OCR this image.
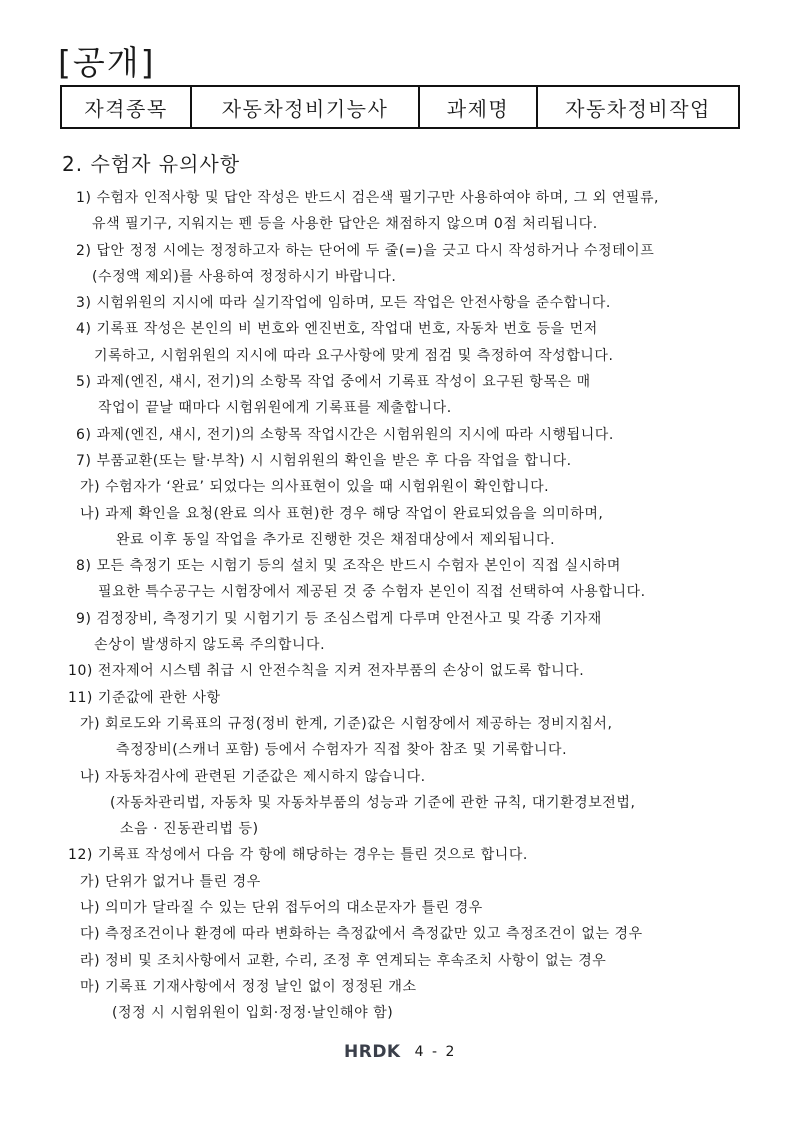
[공개]
자격종목	자동차정비기능사	과제명	자동차정비작업
2. 수험자 유의사항
1) 수험자 인적사항 및 답안 작성은 반드시 검은색 필기구만 사용하여야 하며, 그 외 연필류,
유색 필기구, 지워지는 펜 등을 사용한 답안은 채점하지 않으며 0점 처리됩니다.
2) 답안 정정 시에는 정정하고자 하는 단어에 두 줄(=)을 긋고 다시 작성하거나 수정테이프
(수정액 제외)를 사용하여 정정하시기 바랍니다.
3) 시험위원의 지시에 따라 실기작업에 임하며, 모든 작업은 안전사항을 준수합니다.
4) 기록표 작성은 본인의 비 번호와 엔진번호, 작업대 번호, 자동차 번호 등을 먼저
기록하고, 시험위원의 지시에 따라 요구사항에 맞게 점검 및 측정하여 작성합니다.
5) 과제(엔진, 섀시, 전기)의 소항목 작업 중에서 기록표 작성이 요구된 항목은 매
작업이 끝날 때마다 시험위원에게 기록표를 제출합니다.
6) 과제(엔진, 섀시, 전기)의 소항목 작업시간은 시험위원의 지시에 따라 시행됩니다.
7) 부품교환(또는 탈·부착) 시 시험위원의 확인을 받은 후 다음 작업을 합니다.
가) 수험자가 ‘완료’ 되었다는 의사표현이 있을 때 시험위원이 확인합니다.
나) 과제 확인을 요청(완료 의사 표현)한 경우 해당 작업이 완료되었음을 의미하며,
완료 이후 동일 작업을 추가로 진행한 것은 채점대상에서 제외됩니다.
8) 모든 측정기 또는 시험기 등의 설치 및 조작은 반드시 수험자 본인이 직접 실시하며
필요한 특수공구는 시험장에서 제공된 것 중 수험자 본인이 직접 선택하여 사용합니다.
9) 검정장비, 측정기기 및 시험기기 등 조심스럽게 다루며 안전사고 및 각종 기자재
손상이 발생하지 않도록 주의합니다.
10) 전자제어 시스템 취급 시 안전수칙을 지켜 전자부품의 손상이 없도록 합니다.
11) 기준값에 관한 사항
가) 회로도와 기록표의 규정(정비 한계, 기준)값은 시험장에서 제공하는 정비지침서,
측정장비(스캐너 포함) 등에서 수험자가 직접 찾아 참조 및 기록합니다.
나) 자동차검사에 관련된 기준값은 제시하지 않습니다.
(자동차관리법, 자동차 및 자동차부품의 성능과 기준에 관한 규칙, 대기환경보전법,
소음 · 진동관리법 등)
12) 기록표 작성에서 다음 각 항에 해당하는 경우는 틀린 것으로 합니다.
가) 단위가 없거나 틀린 경우
나) 의미가 달라질 수 있는 단위 접두어의 대소문자가 틀린 경우
다) 측정조건이나 환경에 따라 변화하는 측정값에서 측정값만 있고 측정조건이 없는 경우
라) 정비 및 조치사항에서 교환, 수리, 조정 후 연계되는 후속조치 사항이 없는 경우
마) 기록표 기재사항에서 정정 날인 없이 정정된 개소
(정정 시 시험위원이 입회·정정·날인해야 함)
HRDK 4 - 2
